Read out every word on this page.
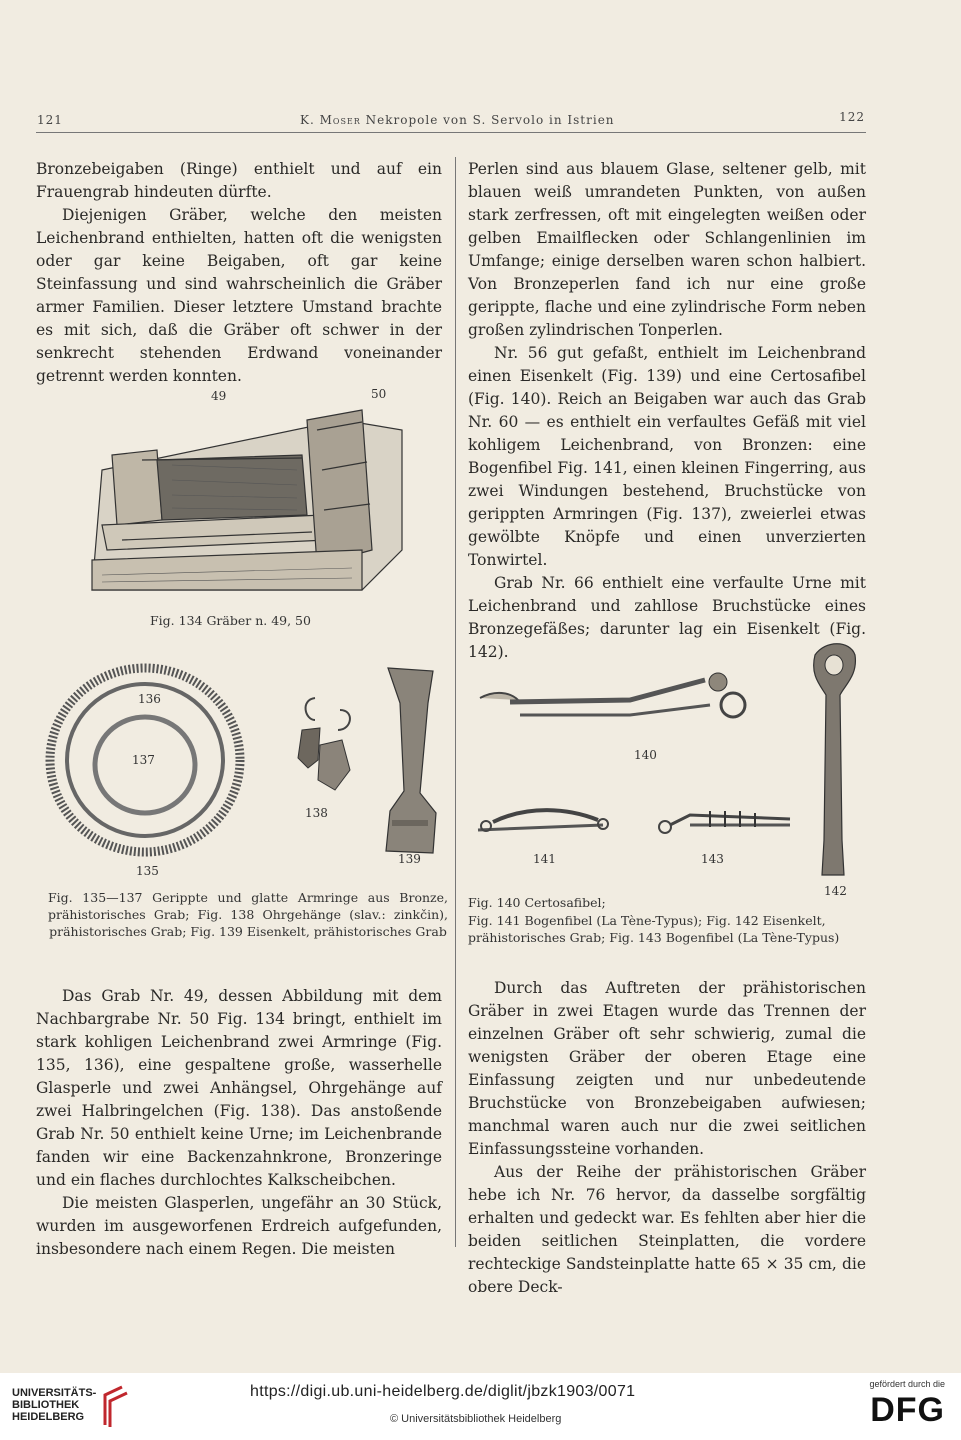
121	K. Moser Nekropole von S. Servolo in Istrien	122

Bronzebeigaben (Ringe) enthielt und auf ein Frauengrab hindeuten dürfte.

Diejenigen Gräber, welche den meisten Leichenbrand enthielten, hatten oft die wenigsten oder gar keine Beigaben, oft gar keine Steinfassung und sind wahrscheinlich die Gräber armer Familien. Dieser letztere Umstand brachte es mit sich, daß die Gräber oft schwer in der senkrecht stehenden Erdwand voneinander getrennt werden konnten.

49	50
Fig. 134 Gräber n. 49, 50
136
137
135
138
139
Fig. 135—137 Gerippte und glatte Armringe aus Bronze, prähistorisches Grab; Fig. 138 Ohrgehänge (slav.: zinkčin), prähistorisches Grab; Fig. 139 Eisenkelt, prähistorisches Grab

Das Grab Nr. 49, dessen Abbildung mit dem Nachbargrabe Nr. 50 Fig. 134 bringt, enthielt im stark kohligen Leichenbrand zwei Armringe (Fig. 135, 136), eine gespaltene große, wasserhelle Glasperle und zwei Anhängsel, Ohrgehänge auf zwei Halbringelchen (Fig. 138). Das anstoßende Grab Nr. 50 enthielt keine Urne; im Leichenbrande fanden wir eine Backenzahnkrone, Bronzeringe und ein flaches durchlochtes Kalkscheibchen.

Die meisten Glasperlen, ungefähr an 30 Stück, wurden im ausgeworfenen Erdreich aufgefunden, insbesondere nach einem Regen. Die meisten

Perlen sind aus blauem Glase, seltener gelb, mit blauen weiß umrandeten Punkten, von außen stark zerfressen, oft mit eingelegten weißen oder gelben Emailflecken oder Schlangenlinien im Umfange; einige derselben waren schon halbiert. Von Bronzeperlen fand ich nur eine große gerippte, flache und eine zylindrische Form neben großen zylindrischen Tonperlen.

Nr. 56 gut gefaßt, enthielt im Leichenbrand einen Eisenkelt (Fig. 139) und eine Certosafibel (Fig. 140). Reich an Beigaben war auch das Grab Nr. 60 — es enthielt ein verfaultes Gefäß mit viel kohligem Leichenbrand, von Bronzen: eine Bogenfibel Fig. 141, einen kleinen Fingerring, aus zwei Windungen bestehend, Bruchstücke von gerippten Armringen (Fig. 137), zweierlei etwas gewölbte Knöpfe und einen unverzierten Tonwirtel.

Grab Nr. 66 enthielt eine verfaulte Urne mit Leichenbrand und zahllose Bruchstücke eines Bronzegefäßes; darunter lag ein Eisenkelt (Fig. 142).

140
141	143
142
Fig. 140 Certosafibel;
Fig. 141 Bogenfibel (La Tène-Typus); Fig. 142 Eisenkelt, prähistorisches Grab; Fig. 143 Bogenfibel (La Tène-Typus)

Durch das Auftreten der prähistorischen Gräber in zwei Etagen wurde das Trennen der einzelnen Gräber oft sehr schwierig, zumal die wenigsten Gräber der oberen Etage eine Einfassung zeigten und nur unbedeutende Bruchstücke von Bronzebeigaben aufwiesen; manchmal waren auch nur die zwei seitlichen Einfassungssteine vorhanden.

Aus der Reihe der prähistorischen Gräber hebe ich Nr. 76 hervor, da dasselbe sorgfältig erhalten und gedeckt war. Es fehlten aber hier die beiden seitlichen Steinplatten, die vordere rechteckige Sandsteinplatte hatte 65 × 35 cm, die obere Deck-

UNIVERSITÄTS-
BIBLIOTHEK
HEIDELBERG
https://digi.ub.uni-heidelberg.de/diglit/jbzk1903/0071
© Universitätsbibliothek Heidelberg
gefördert durch die
DFG
